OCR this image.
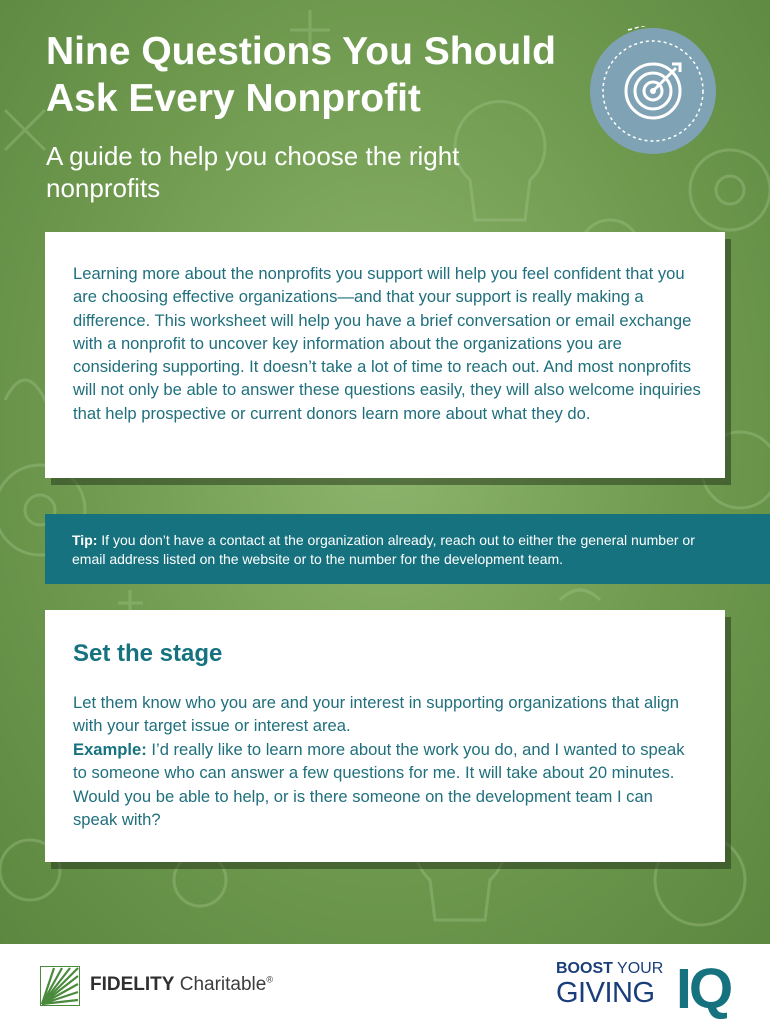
Nine Questions You Should Ask Every Nonprofit

A guide to help you choose the right nonprofits

Learning more about the nonprofits you support will help you feel confident that you are choosing effective organizations—and that your support is really making a difference. This worksheet will help you have a brief conversation or email exchange with a nonprofit to uncover key information about the organizations you are considering supporting. It doesn’t take a lot of time to reach out. And most nonprofits will not only be able to answer these questions easily, they will also welcome inquiries that help prospective or current donors learn more about what they do.

Tip: If you don’t have a contact at the organization already, reach out to either the general number or email address listed on the website or to the number for the development team.

Set the stage

Let them know who you are and your interest in supporting organizations that align with your target issue or interest area.

Example: I’d really like to learn more about the work you do, and I wanted to speak to someone who can answer a few questions for me. It will take about 20 minutes. Would you be able to help, or is there someone on the development team I can speak with?

FIDELITY Charitable®
BOOST YOUR
GIVING IQ
